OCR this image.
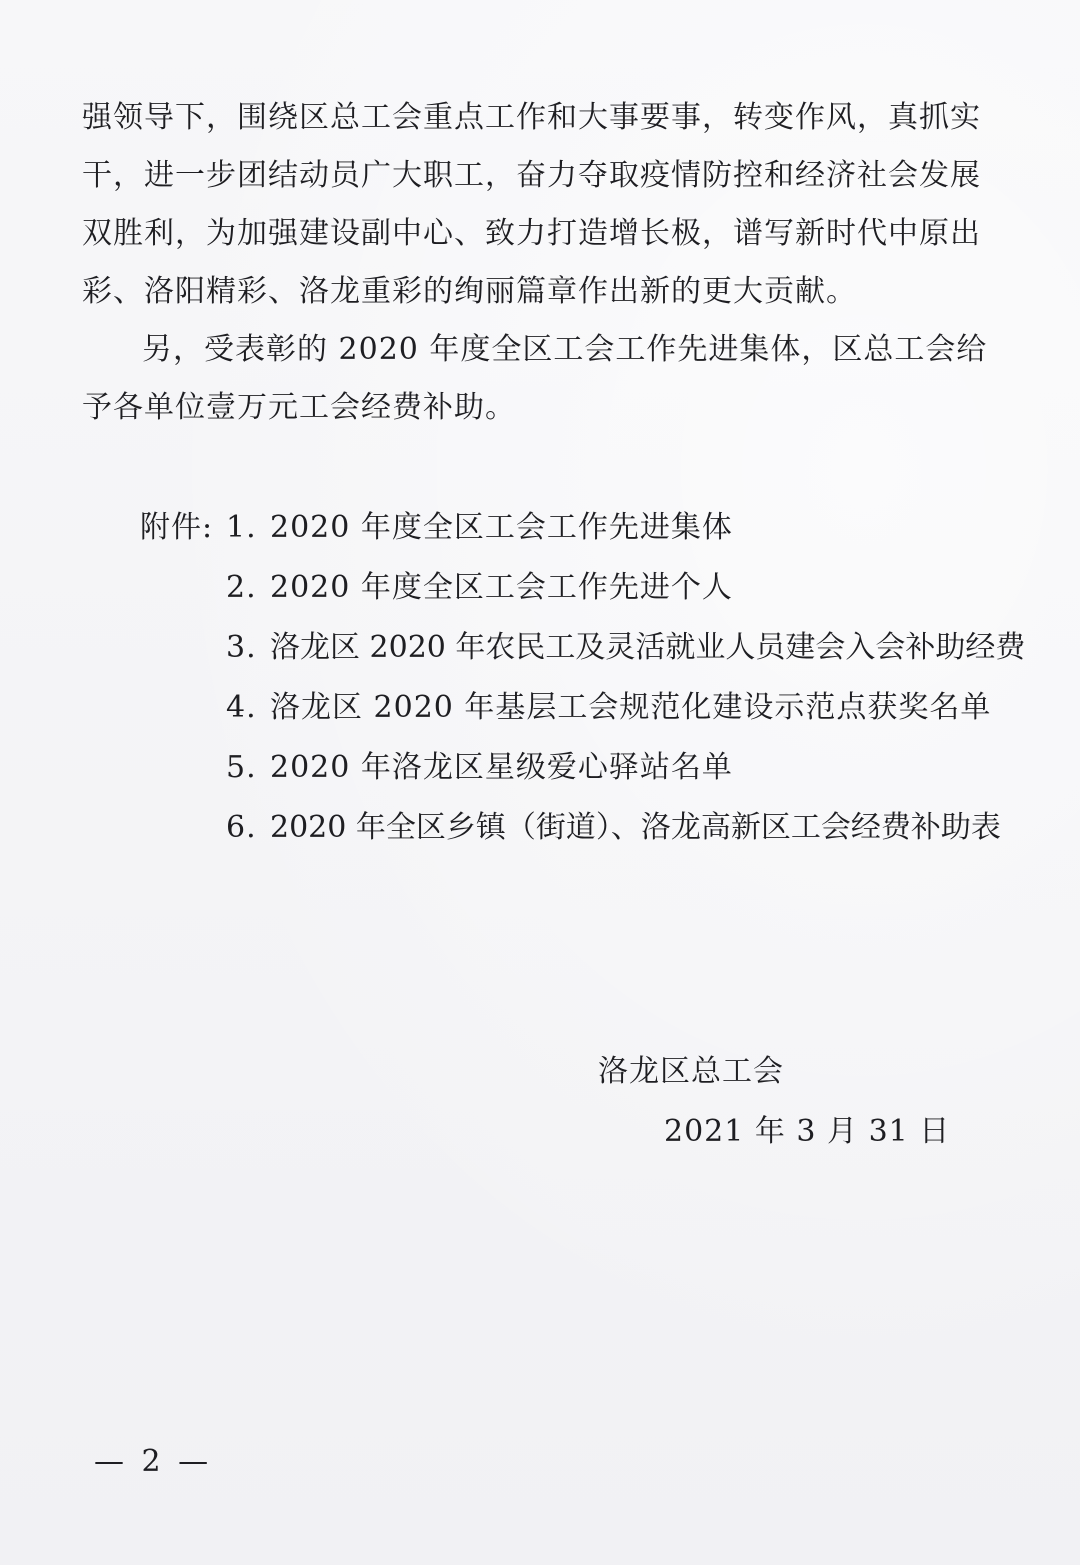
强领导下，围绕区总工会重点工作和大事要事，转变作风，真抓实
干，进一步团结动员广大职工，奋力夺取疫情防控和经济社会发展
双胜利，为加强建设副中心、致力打造增长极，谱写新时代中原出
彩、洛阳精彩、洛龙重彩的绚丽篇章作出新的更大贡献。
另，受表彰的 2020 年度全区工会工作先进集体，区总工会给
予各单位壹万元工会经费补助。
附件: 1. 2020 年度全区工会工作先进集体
2. 2020 年度全区工会工作先进个人
3. 洛龙区 2020 年农民工及灵活就业人员建会入会补助经费
4. 洛龙区 2020 年基层工会规范化建设示范点获奖名单
5. 2020 年洛龙区星级爱心驿站名单
6. 2020 年全区乡镇（街道）、洛龙高新区工会经费补助表
洛龙区总工会
2021 年 3 月 31 日
— 2 —
